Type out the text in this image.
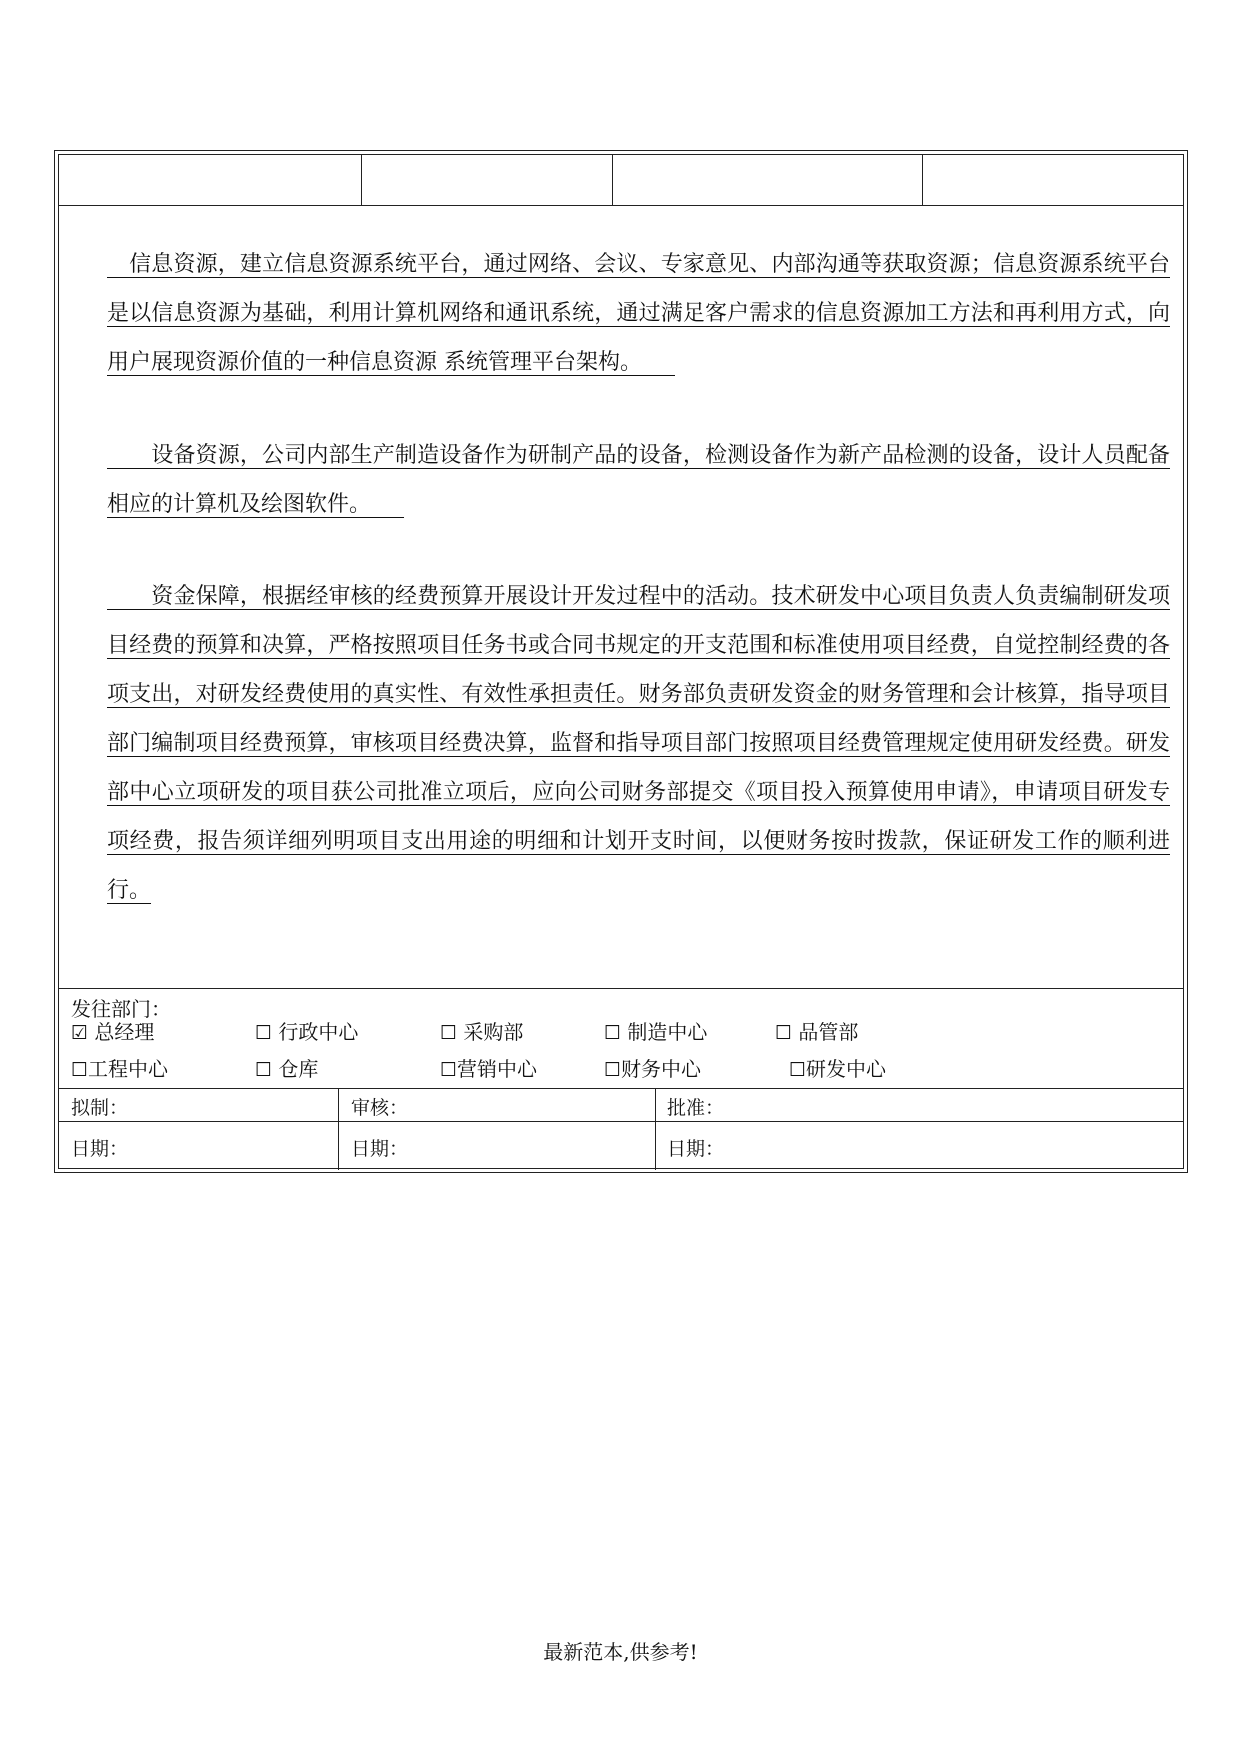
　信息资源，建立信息资源系统平台，通过网络、会议、专家意见、内部沟通等获取资源；信息资源系统平台是以信息资源为基础，利用计算机网络和通讯系统，通过满足客户需求的信息资源加工方法和再利用方式，向用户展现资源价值的一种信息资源 系统管理平台架构。　　

　　设备资源，公司内部生产制造设备作为研制产品的设备，检测设备作为新产品检测的设备，设计人员配备相应的计算机及绘图软件。　　

　　资金保障，根据经审核的经费预算开展设计开发过程中的活动。技术研发中心项目负责人负责编制研发项目经费的预算和决算，严格按照项目任务书或合同书规定的开支范围和标准使用项目经费，自觉控制经费的各项支出，对研发经费使用的真实性、有效性承担责任。财务部负责研发资金的财务管理和会计核算，指导项目部门编制项目经费预算，审核项目经费决算，监督和指导项目部门按照项目经费管理规定使用研发经费。研发部中心立项研发的项目获公司批准立项后，应向公司财务部提交《项目投入预算使用申请》，申请项目研发专项经费，报告须详细列明项目支出用途的明细和计划开支时间，以便财务按时拨款，保证研发工作的顺利进行。

发往部门：
☑ 总经理	☐ 行政中心	☐ 采购部	☐ 制造中心	☐ 品管部
☐工程中心	☐ 仓库	☐营销中心	☐财务中心	☐研发中心
拟制：	审核：	批准：
日期：	日期：	日期：
最新范本,供参考!
